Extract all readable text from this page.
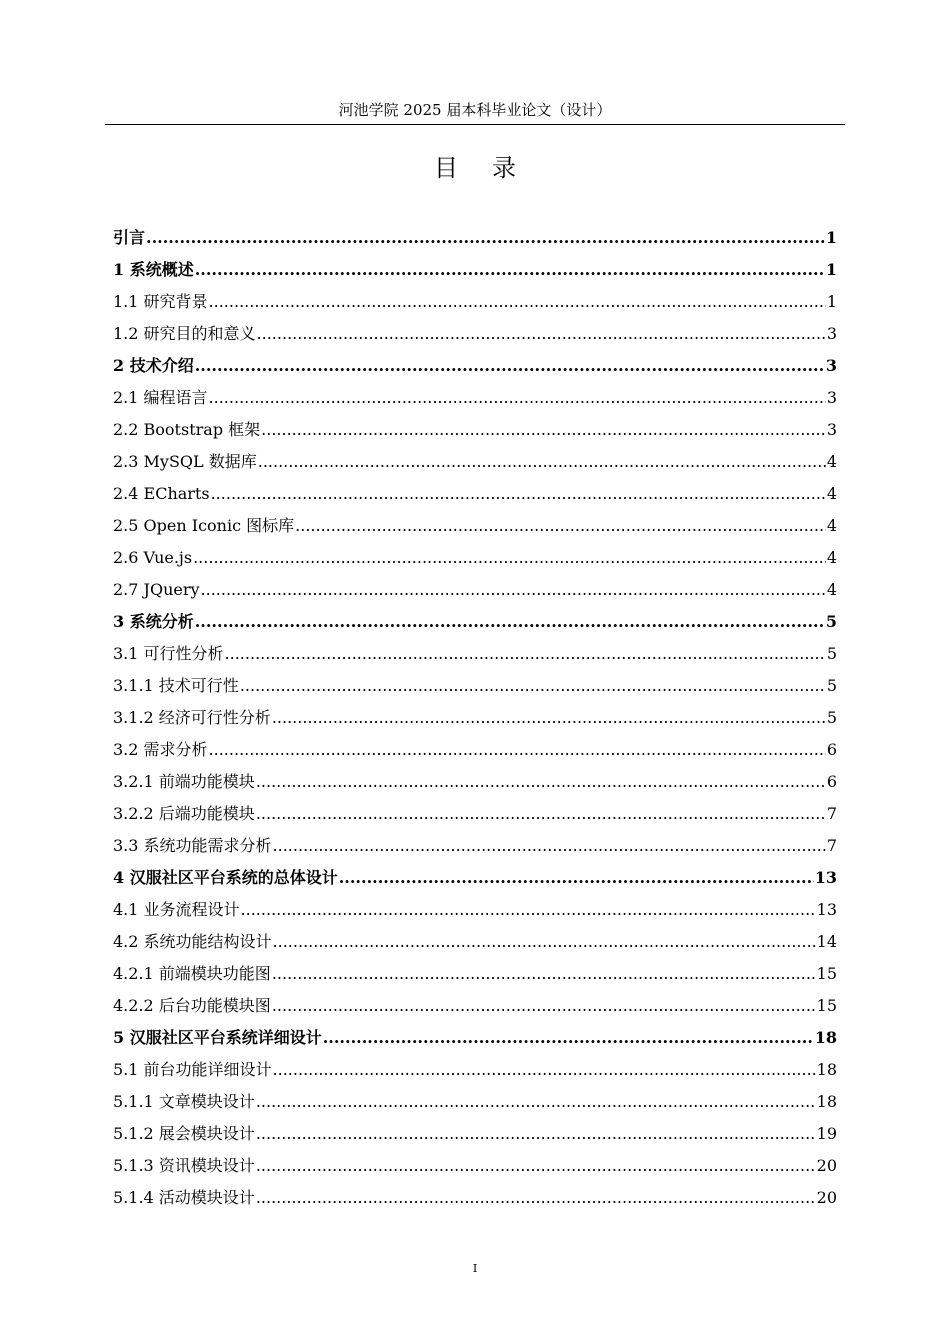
河池学院 2025 届本科毕业论文（设计）
目 录
引言 .....	1
1 系统概述 .....	1
1.1 研究背景 .....	1
1.2 研究目的和意义 .....	3
2 技术介绍 .....	3
2.1 编程语言 .....	3
2.2 Bootstrap 框架 .....	3
2.3 MySQL 数据库 .....	4
2.4 ECharts .....	4
2.5 Open Iconic 图标库 .....	4
2.6 Vue.js .....	4
2.7 JQuery .....	4
3 系统分析 .....	5
3.1 可行性分析 .....	5
3.1.1 技术可行性 .....	5
3.1.2 经济可行性分析 .....	5
3.2 需求分析 .....	6
3.2.1 前端功能模块 .....	6
3.2.2 后端功能模块 .....	7
3.3 系统功能需求分析 .....	7
4 汉服社区平台系统的总体设计 .....	13
4.1 业务流程设计 .....	13
4.2 系统功能结构设计 .....	14
4.2.1 前端模块功能图 .....	15
4.2.2 后台功能模块图 .....	15
5 汉服社区平台系统详细设计 .....	18
5.1 前台功能详细设计 .....	18
5.1.1 文章模块设计 .....	18
5.1.2 展会模块设计 .....	19
5.1.3 资讯模块设计 .....	20
5.1.4 活动模块设计 .....	20
I
